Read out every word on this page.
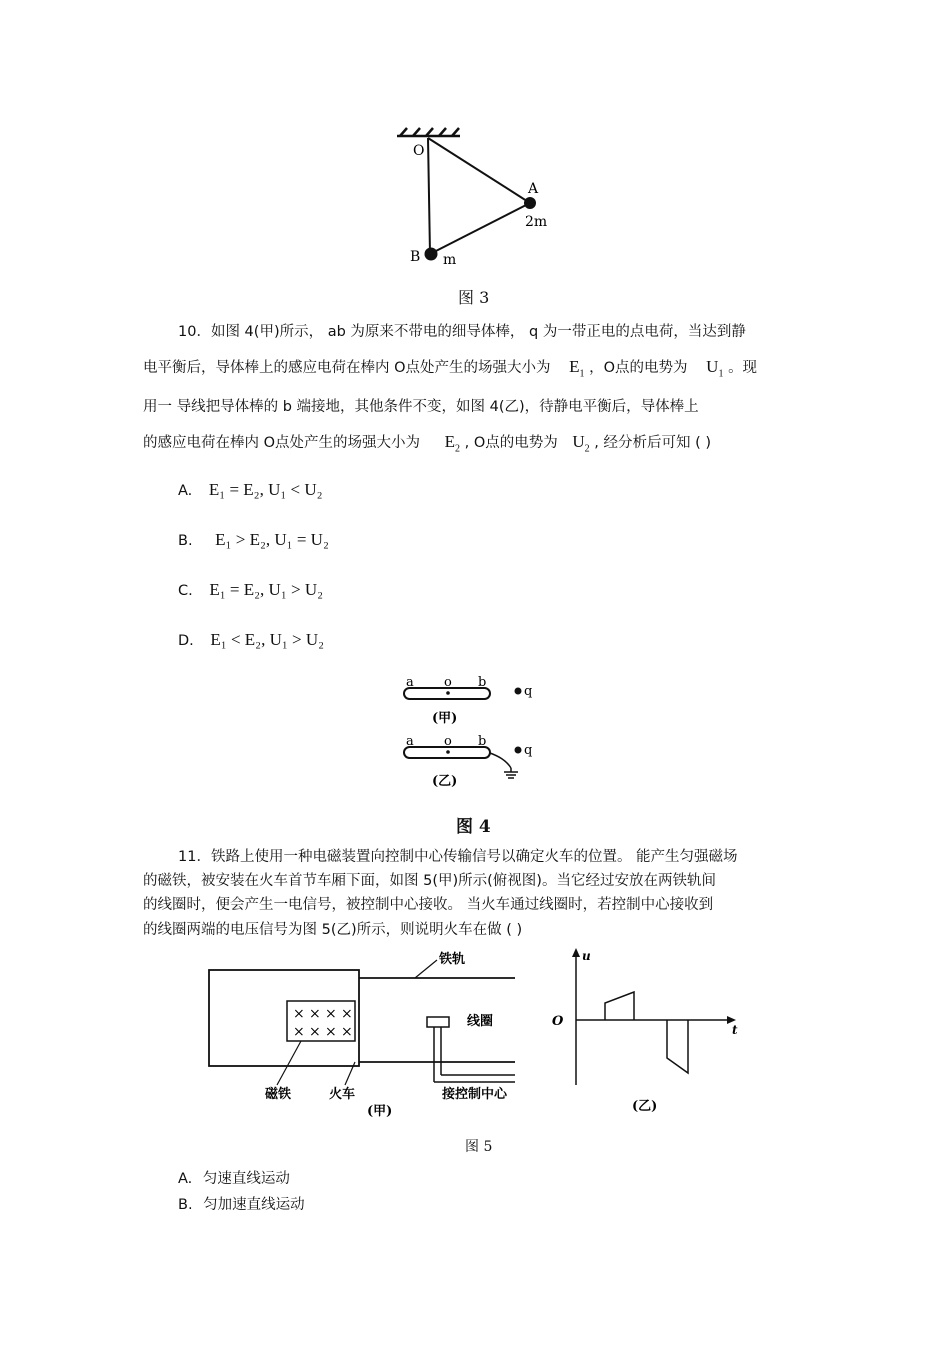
O
A
2m
B m
图 3
10．如图 4(甲)所示， ab 为原来不带电的细导体棒， q 为一带正电的点电荷，当达到静
电平衡后，导体棒上的感应电荷在棒内 O点处产生的场强大小为 $E_1$ ，O点的电势为 $U_1$ 。现
用一 导线把导体棒的 b 端接地，其他条件不变，如图 4(乙)，待静电平衡后，导体棒上
的感应电荷在棒内 O点处产生的场强大小为 $E_2$ , O点的电势为 $U_2$ , 经分析后可知 ( )
A. E₁ = E₂, U₁ < U₂
B. E₁ > E₂, U₁ = U₂
C. E₁ = E₂, U₁ > U₂
D. E₁ < E₂, U₁ > U₂
a o b
q
(甲)
a o b
q
(乙)
图 4
11．铁路上使用一种电磁装置向控制中心传输信号以确定火车的位置。 能产生匀强磁场
的磁铁，被安装在火车首节车厢下面，如图 5(甲)所示(俯视图)。当它经过安放在两铁轨间
的线圈时，便会产生一电信号，被控制中心接收。 当火车通过线圈时，若控制中心接收到
的线圈两端的电压信号为图 5(乙)所示，则说明火车在做 ( )
铁轨
× × × ×
× × × ×
线圈
磁铁	火车	接控制中心
(甲)
u
t
O
(乙)
图 5
A. 匀速直线运动
B. 匀加速直线运动
